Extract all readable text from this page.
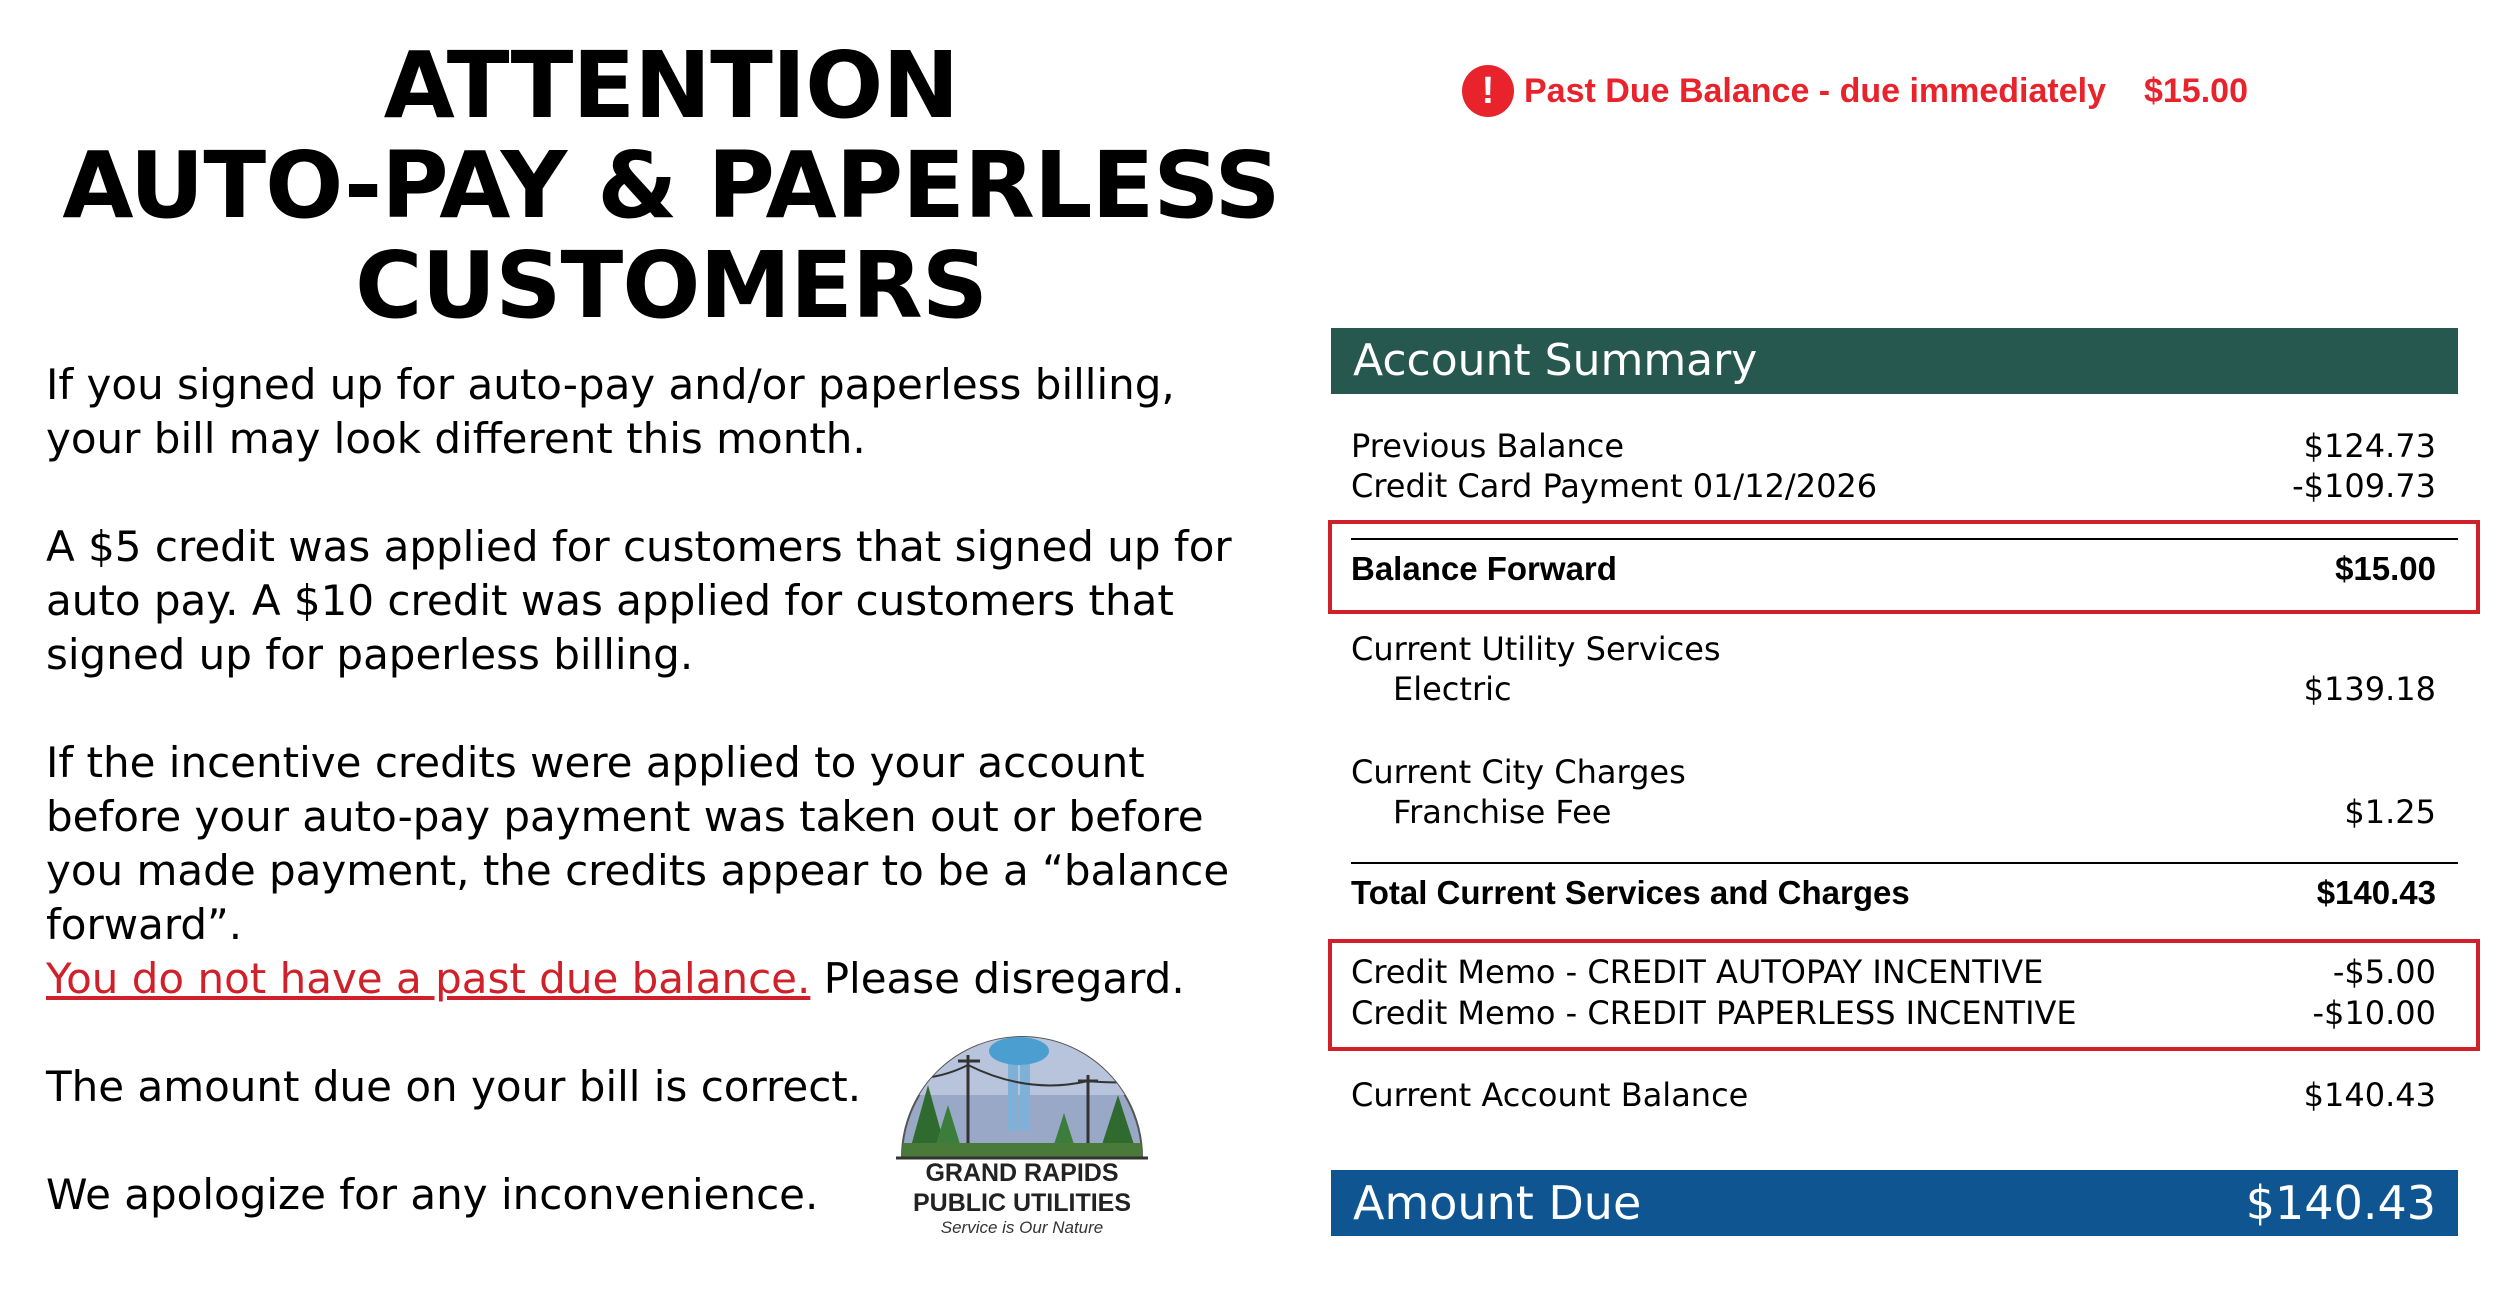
ATTENTION
AUTO-PAY & PAPERLESS
CUSTOMERS

If you signed up for auto-pay and/or paperless billing, your bill may look different this month.

A $5 credit was applied for customers that signed up for auto pay. A $10 credit was applied for customers that signed up for paperless billing.

If the incentive credits were applied to your account before your auto-pay payment was taken out or before you made payment, the credits appear to be a “balance forward”.

You do not have a past due balance. Please disregard.

The amount due on your bill is correct.

We apologize for any inconvenience.	GRAND RAPIDS
PUBLIC UTILITIES
Service is Our Nature
! Past Due Balance - due immediately $15.00
Account Summary
Previous Balance	$124.73
Credit Card Payment 01/12/2026	-$109.73
Balance Forward	$15.00
Current Utility Services
Electric	$139.18
Current City Charges
Franchise Fee	$1.25
Total Current Services and Charges	$140.43
Credit Memo - CREDIT AUTOPAY INCENTIVE	-$5.00
Credit Memo - CREDIT PAPERLESS INCENTIVE	-$10.00
Current Account Balance	$140.43
Amount Due	$140.43
